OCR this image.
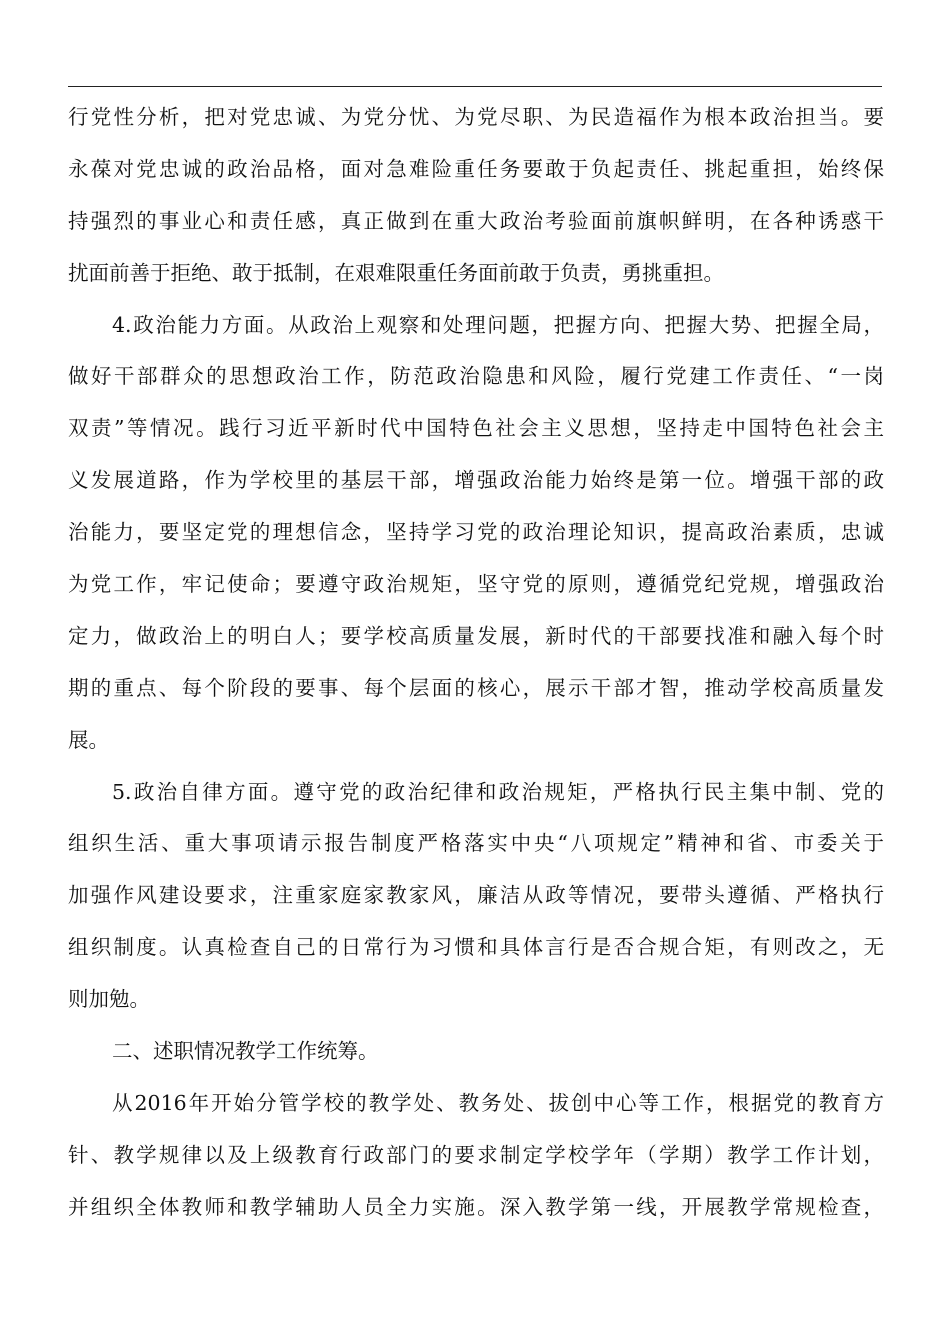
行党性分析，把对党忠诚、为党分忧、为党尽职、为民造福作为根本政治担当。要
永葆对党忠诚的政治品格，面对急难险重任务要敢于负起责任、挑起重担，始终保
持强烈的事业心和责任感，真正做到在重大政治考验面前旗帜鲜明，在各种诱惑干
扰面前善于拒绝、敢于抵制，在艰难限重任务面前敢于负责，勇挑重担。
4.政治能力方面。从政治上观察和处理问题，把握方向、把握大势、把握全局，
做好干部群众的思想政治工作，防范政治隐患和风险，履行党建工作责任、“一岗
双责”等情况。践行习近平新时代中国特色社会主义思想，坚持走中国特色社会主
义发展道路，作为学校里的基层干部，增强政治能力始终是第一位。增强干部的政
治能力，要坚定党的理想信念，坚持学习党的政治理论知识，提高政治素质，忠诚
为党工作，牢记使命；要遵守政治规矩，坚守党的原则，遵循党纪党规，增强政治
定力，做政治上的明白人；要学校高质量发展，新时代的干部要找准和融入每个时
期的重点、每个阶段的要事、每个层面的核心，展示干部才智，推动学校高质量发
展。
5.政治自律方面。遵守党的政治纪律和政治规矩，严格执行民主集中制、党的
组织生活、重大事项请示报告制度严格落实中央“八项规定”精神和省、市委关于
加强作风建设要求，注重家庭家教家风，廉洁从政等情况，要带头遵循、严格执行
组织制度。认真检查自己的日常行为习惯和具体言行是否合规合矩，有则改之，无
则加勉。
二、述职情况教学工作统筹。
从2016年开始分管学校的教学处、教务处、拔创中心等工作，根据党的教育方
针、教学规律以及上级教育行政部门的要求制定学校学年（学期）教学工作计划，
并组织全体教师和教学辅助人员全力实施。深入教学第一线，开展教学常规检查，
